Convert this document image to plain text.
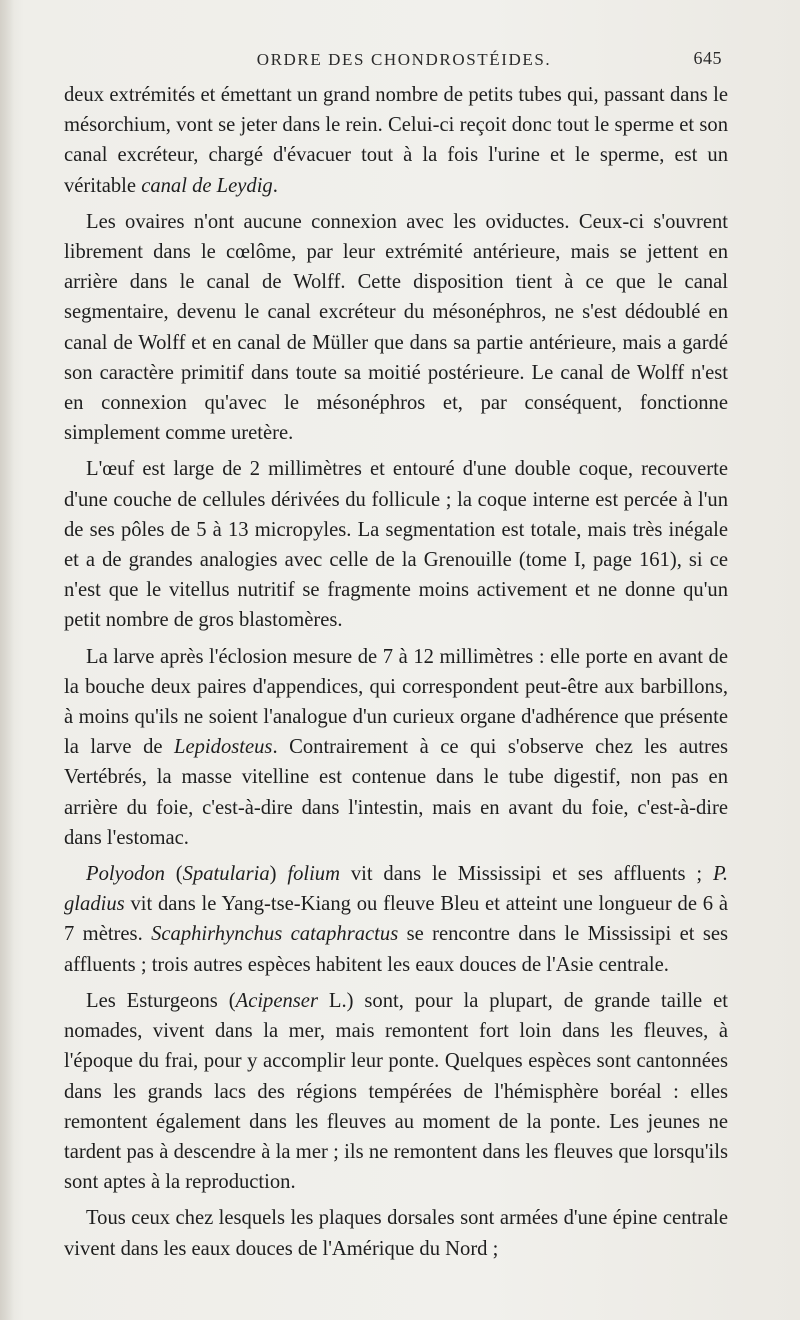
ORDRE DES CHONDROSTÉIDES.	645

deux extrémités et émettant un grand nombre de petits tubes qui, passant dans le mésorchium, vont se jeter dans le rein. Celui-ci reçoit donc tout le sperme et son canal excréteur, chargé d'évacuer tout à la fois l'urine et le sperme, est un véritable canal de Leydig.

Les ovaires n'ont aucune connexion avec les oviductes. Ceux-ci s'ouvrent librement dans le cœlôme, par leur extrémité antérieure, mais se jettent en arrière dans le canal de Wolff. Cette disposition tient à ce que le canal segmentaire, devenu le canal excréteur du mésonéphros, ne s'est dédoublé en canal de Wolff et en canal de Müller que dans sa partie antérieure, mais a gardé son caractère primitif dans toute sa moitié postérieure. Le canal de Wolff n'est en connexion qu'avec le mésonéphros et, par conséquent, fonctionne simplement comme uretère.

L'œuf est large de 2 millimètres et entouré d'une double coque, recouverte d'une couche de cellules dérivées du follicule ; la coque interne est percée à l'un de ses pôles de 5 à 13 micropyles. La segmentation est totale, mais très inégale et a de grandes analogies avec celle de la Grenouille (tome I, page 161), si ce n'est que le vitellus nutritif se fragmente moins activement et ne donne qu'un petit nombre de gros blastomères.

La larve après l'éclosion mesure de 7 à 12 millimètres : elle porte en avant de la bouche deux paires d'appendices, qui correspondent peut-être aux barbillons, à moins qu'ils ne soient l'analogue d'un curieux organe d'adhérence que présente la larve de Lepidosteus. Contrairement à ce qui s'observe chez les autres Vertébrés, la masse vitelline est contenue dans le tube digestif, non pas en arrière du foie, c'est-à-dire dans l'intestin, mais en avant du foie, c'est-à-dire dans l'estomac.

Polyodon (Spatularia) folium vit dans le Mississipi et ses affluents ; P. gladius vit dans le Yang-tse-Kiang ou fleuve Bleu et atteint une longueur de 6 à 7 mètres. Scaphirhynchus cataphractus se rencontre dans le Mississipi et ses affluents ; trois autres espèces habitent les eaux douces de l'Asie centrale.

Les Esturgeons (Acipenser L.) sont, pour la plupart, de grande taille et nomades, vivent dans la mer, mais remontent fort loin dans les fleuves, à l'époque du frai, pour y accomplir leur ponte. Quelques espèces sont cantonnées dans les grands lacs des régions tempérées de l'hémisphère boréal : elles remontent également dans les fleuves au moment de la ponte. Les jeunes ne tardent pas à descendre à la mer ; ils ne remontent dans les fleuves que lorsqu'ils sont aptes à la reproduction.

Tous ceux chez lesquels les plaques dorsales sont armées d'une épine centrale vivent dans les eaux douces de l'Amérique du Nord ;
